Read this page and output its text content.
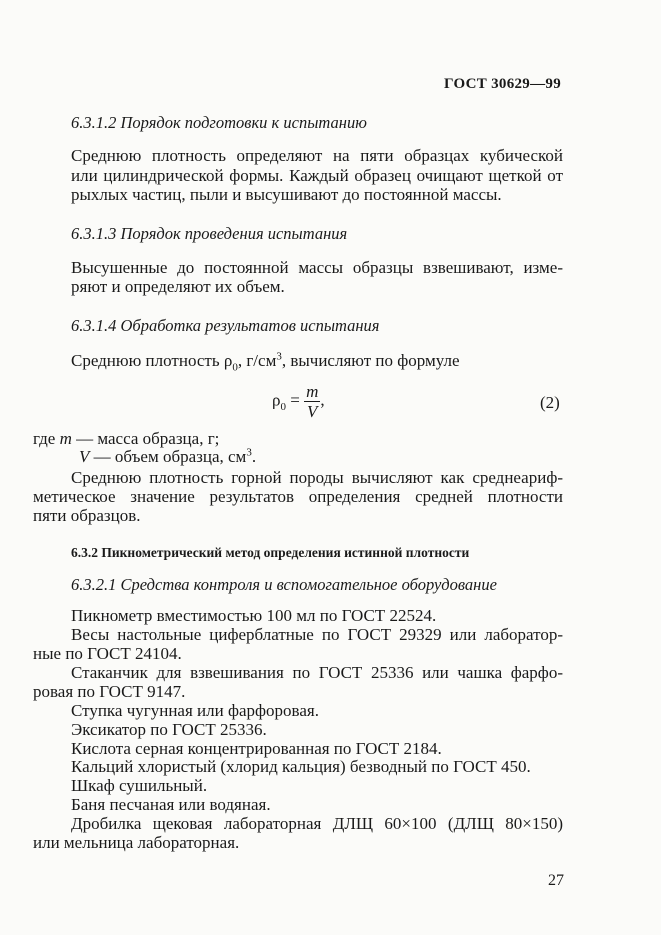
ГОСТ 30629—99
6.3.1.2 Порядок подготовки к испытанию
Среднюю плотность определяют на пяти образцах кубической
или цилиндрической формы. Каждый образец очищают щеткой от
рыхлых частиц, пыли и высушивают до постоянной массы.
6.3.1.3 Порядок проведения испытания
Высушенные до постоянной массы образцы взвешивают, изме-
ряют и определяют их объем.
6.3.1.4 Обработка результатов испытания
Среднюю плотность $\rho_0$, $г/см^3$, вычисляют по формуле
$\rho_0 = \frac{m}{V}$ ,	(2)
где m — масса образца, г;
V — объем образца, $см^3$.
Среднюю плотность горной породы вычисляют как среднеариф-
метическое значение результатов определения средней плотности
пяти образцов.
6.3.2 Пикнометрический метод определения истинной плотности
6.3.2.1 Средства контроля и вспомогательное оборудование
Пикнометр вместимостью 100 мл по ГОСТ 22524.
Весы настольные циферблатные по ГОСТ 29329 или лаборатор-
ные по ГОСТ 24104.
Стаканчик для взвешивания по ГОСТ 25336 или чашка фарфо-
ровая по ГОСТ 9147.
Ступка чугунная или фарфоровая.
Эксикатор по ГОСТ 25336.
Кислота серная концентрированная по ГОСТ 2184.
Кальций хлористый (хлорид кальция) безводный по ГОСТ 450.
Шкаф сушильный.
Баня песчаная или водяная.
Дробилка щековая лабораторная ДЛЩ 60×100 (ДЛЩ 80×150)
или мельница лабораторная.
27
